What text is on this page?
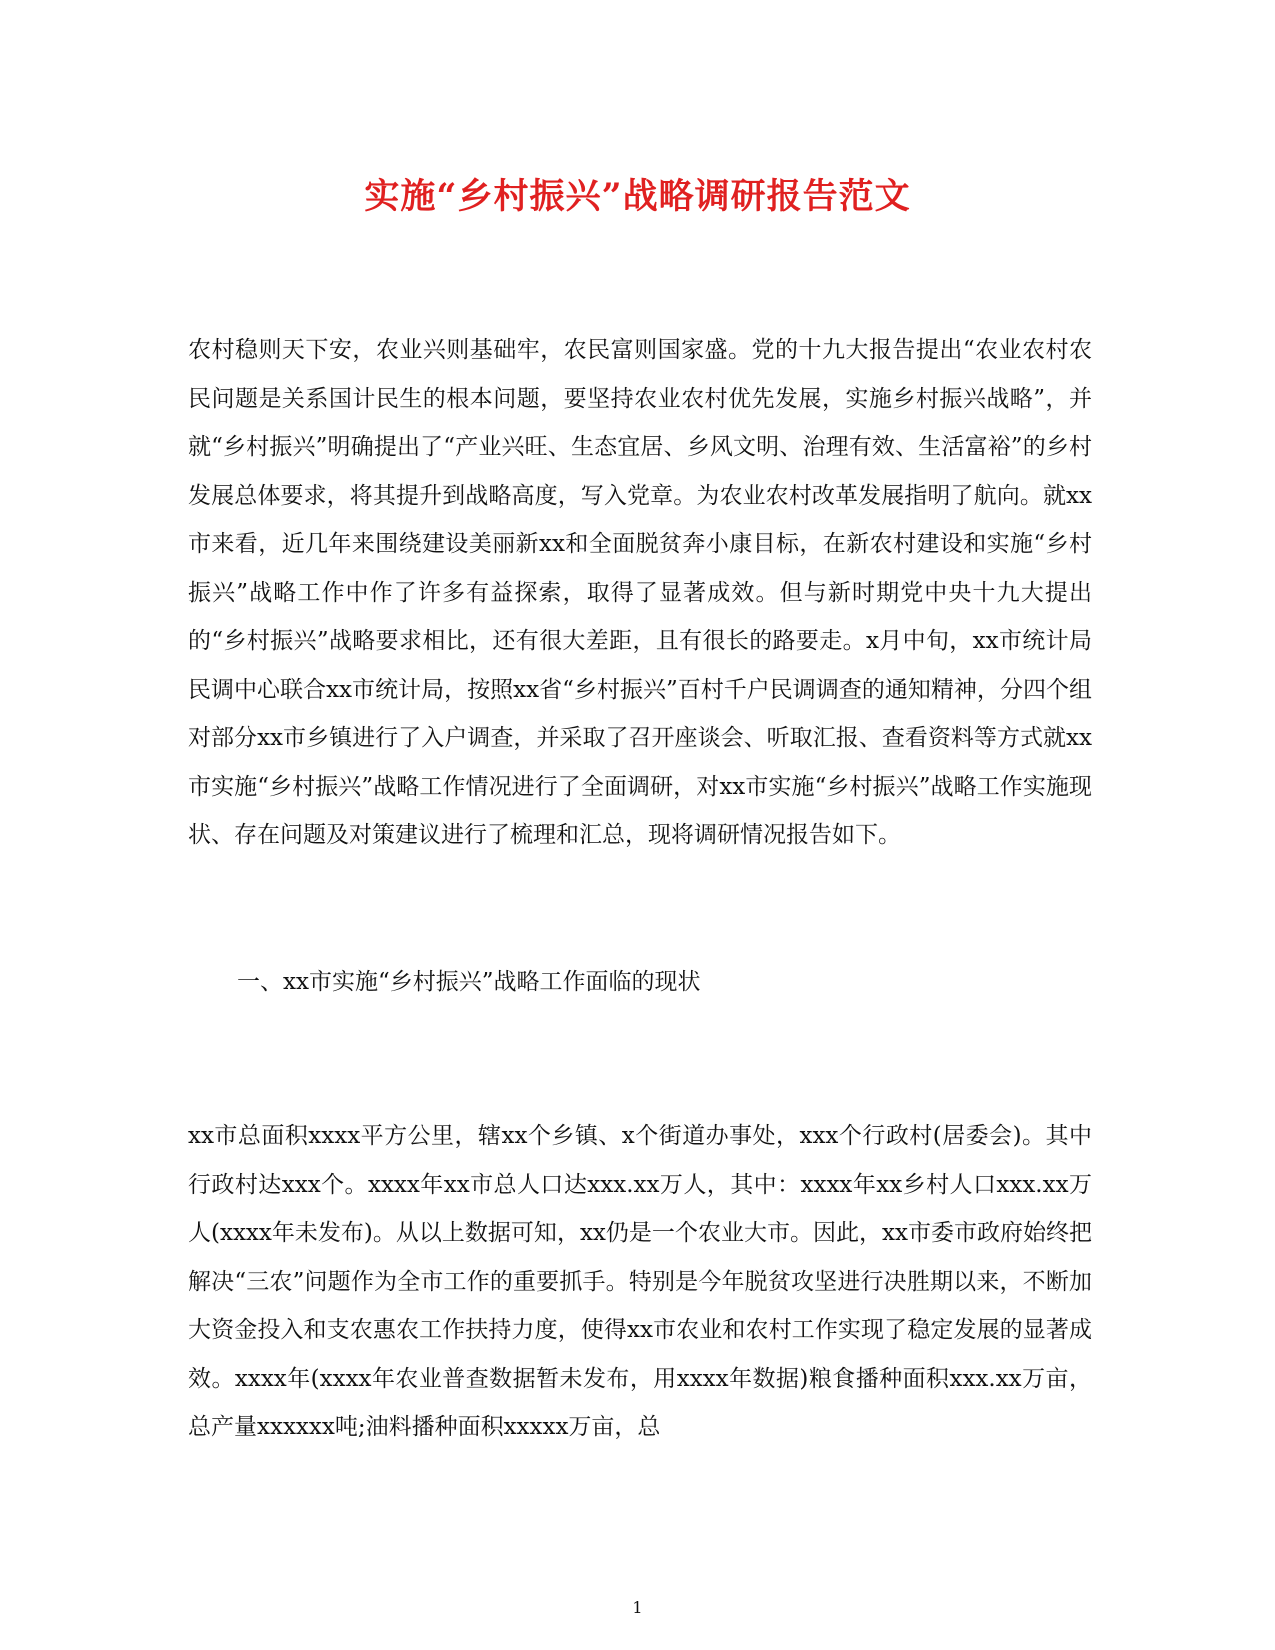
实施“乡村振兴”战略调研报告范文

农村稳则天下安，农业兴则基础牢，农民富则国家盛。党的十九大报告提出“农业农村农民问题是关系国计民生的根本问题，要坚持农业农村优先发展，实施乡村振兴战略”，并就“乡村振兴”明确提出了“产业兴旺、生态宜居、乡风文明、治理有效、生活富裕”的乡村发展总体要求，将其提升到战略高度，写入党章。为农业农村改革发展指明了航向。就xx市来看，近几年来围绕建设美丽新xx和全面脱贫奔小康目标，在新农村建设和实施“乡村振兴”战略工作中作了许多有益探索，取得了显著成效。但与新时期党中央十九大提出的“乡村振兴”战略要求相比，还有很大差距，且有很长的路要走。x月中旬，xx市统计局民调中心联合xx市统计局，按照xx省“乡村振兴”百村千户民调调查的通知精神，分四个组对部分xx市乡镇进行了入户调查，并采取了召开座谈会、听取汇报、查看资料等方式就xx市实施“乡村振兴”战略工作情况进行了全面调研，对xx市实施“乡村振兴”战略工作实施现状、存在问题及对策建议进行了梳理和汇总，现将调研情况报告如下。

一、xx市实施“乡村振兴”战略工作面临的现状

xx市总面积xxxx平方公里，辖xx个乡镇、x个街道办事处，xxx个行政村(居委会)。其中行政村达xxx个。xxxx年xx市总人口达xxx.xx万人，其中：xxxx年xx乡村人口xxx.xx万人(xxxx年未发布)。从以上数据可知，xx仍是一个农业大市。因此，xx市委市政府始终把解决“三农”问题作为全市工作的重要抓手。特别是今年脱贫攻坚进行决胜期以来，不断加大资金投入和支农惠农工作扶持力度，使得xx市农业和农村工作实现了稳定发展的显著成效。xxxx年(xxxx年农业普查数据暂未发布，用xxxx年数据)粮食播种面积xxx.xx万亩，总产量xxxxxx吨;油料播种面积xxxxx万亩，总

1
